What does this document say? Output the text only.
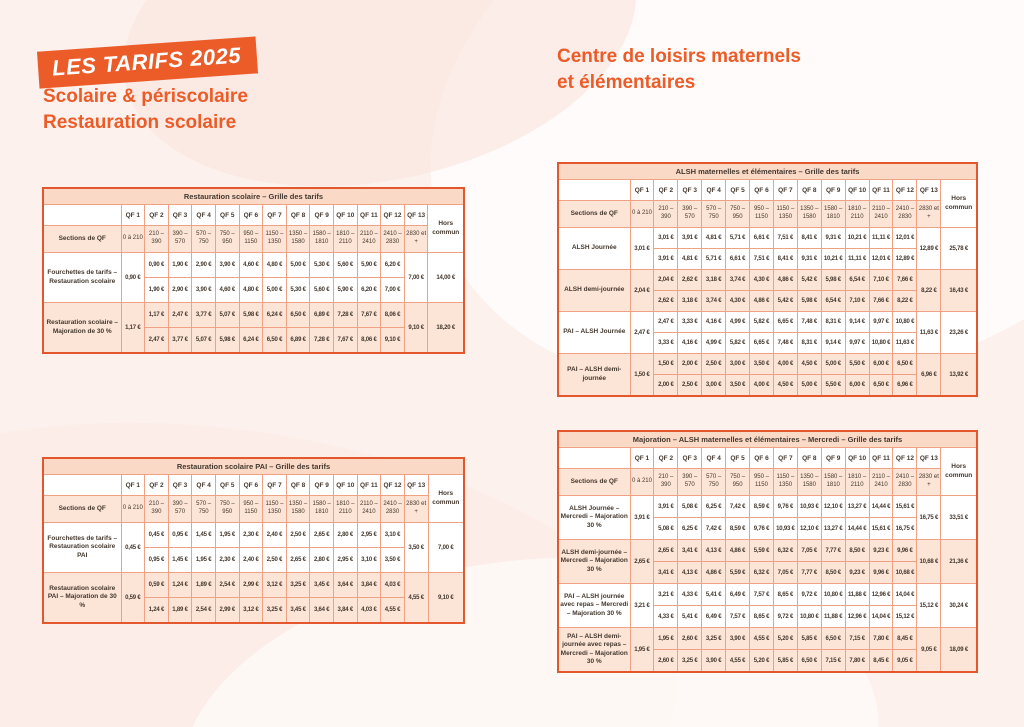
LES TARIFS 2025
Scolaire & périscolaire
Restauration scolaire
Centre de loisirs maternels
et élémentaires
Restauration scolaire – Grille des tarifs														
	QF 1	QF 2	QF 3	QF 4	QF 5	QF 6	QF 7	QF 8	QF 9	QF 10	QF 11	QF 12	QF 13	Hors commun
Sections de QF	0 à 210	210 – 390	390 – 570	570 – 750	750 – 950	950 – 1150	1150 – 1350	1350 – 1580	1580 – 1810	1810 – 2110	2110 – 2410	2410 – 2830	2830 et +	
Fourchettes de tarifs – Restauration scolaire	0,90 €	0,90 €	1,90 €	2,90 €	3,90 €	4,60 €	4,80 €	5,00 €	5,30 €	5,60 €	5,90 €	6,20 €	7,00 €	14,00 €
		1,90 €	2,90 €	3,90 €	4,60 €	4,80 €	5,00 €	5,30 €	5,60 €	5,90 €	6,20 €	7,00 €		
Restauration scolaire – Majoration de 30 %	1,17 €	1,17 €	2,47 €	3,77 €	5,07 €	5,98 €	6,24 €	6,50 €	6,89 €	7,28 €	7,67 €	8,06 €	9,10 €	18,20 €
		2,47 €	3,77 €	5,07 €	5,98 €	6,24 €	6,50 €	6,89 €	7,28 €	7,67 €	8,06 €	9,10 €		
Restauration scolaire PAI – Grille des tarifs														
	QF 1	QF 2	QF 3	QF 4	QF 5	QF 6	QF 7	QF 8	QF 9	QF 10	QF 11	QF 12	QF 13	Hors commun
Sections de QF	0 à 210	210 – 390	390 – 570	570 – 750	750 – 950	950 – 1150	1150 – 1350	1350 – 1580	1580 – 1810	1810 – 2110	2110 – 2410	2410 – 2830	2830 et +	
Fourchettes de tarifs – Restauration scolaire PAI	0,45 €	0,45 €	0,95 €	1,45 €	1,95 €	2,30 €	2,40 €	2,50 €	2,65 €	2,80 €	2,95 €	3,10 €	3,50 €	7,00 €
		0,95 €	1,45 €	1,95 €	2,30 €	2,40 €	2,50 €	2,65 €	2,80 €	2,95 €	3,10 €	3,50 €		
Restauration scolaire PAI – Majoration de 30 %	0,59 €	0,59 €	1,24 €	1,89 €	2,54 €	2,99 €	3,12 €	3,25 €	3,45 €	3,64 €	3,84 €	4,03 €	4,55 €	9,10 €
		1,24 €	1,89 €	2,54 €	2,99 €	3,12 €	3,25 €	3,45 €	3,64 €	3,84 €	4,03 €	4,55 €		
ALSH maternelles et élémentaires – Grille des tarifs														
	QF 1	QF 2	QF 3	QF 4	QF 5	QF 6	QF 7	QF 8	QF 9	QF 10	QF 11	QF 12	QF 13	Hors commun
Sections de QF	0 à 210	210 – 390	390 – 570	570 – 750	750 – 950	950 – 1150	1150 – 1350	1350 – 1580	1580 – 1810	1810 – 2110	2110 – 2410	2410 – 2830	2830 et +	
ALSH Journée	3,01 €	3,01 €	3,91 €	4,81 €	5,71 €	6,61 €	7,51 €	8,41 €	9,31 €	10,21 €	11,11 €	12,01 €	12,89 €	25,78 €
		3,91 €	4,81 €	5,71 €	6,61 €	7,51 €	8,41 €	9,31 €	10,21 €	11,11 €	12,01 €	12,89 €		
ALSH demi-journée	2,04 €	2,04 €	2,62 €	3,18 €	3,74 €	4,30 €	4,86 €	5,42 €	5,98 €	6,54 €	7,10 €	7,66 €	8,22 €	16,43 €
		2,62 €	3,18 €	3,74 €	4,30 €	4,86 €	5,42 €	5,98 €	6,54 €	7,10 €	7,66 €	8,22 €		
PAI – ALSH Journée	2,47 €	2,47 €	3,33 €	4,16 €	4,99 €	5,82 €	6,65 €	7,48 €	8,31 €	9,14 €	9,97 €	10,80 €	11,63 €	23,26 €
		3,33 €	4,16 €	4,99 €	5,82 €	6,65 €	7,48 €	8,31 €	9,14 €	9,97 €	10,80 €	11,63 €		
PAI – ALSH demi-journée	1,50 €	1,50 €	2,00 €	2,50 €	3,00 €	3,50 €	4,00 €	4,50 €	5,00 €	5,50 €	6,00 €	6,50 €	6,96 €	13,92 €
		2,00 €	2,50 €	3,00 €	3,50 €	4,00 €	4,50 €	5,00 €	5,50 €	6,00 €	6,50 €	6,96 €		
Majoration – ALSH maternelles et élémentaires – Mercredi – Grille des tarifs														
	QF 1	QF 2	QF 3	QF 4	QF 5	QF 6	QF 7	QF 8	QF 9	QF 10	QF 11	QF 12	QF 13	Hors commun
Sections de QF	0 à 210	210 – 390	390 – 570	570 – 750	750 – 950	950 – 1150	1150 – 1350	1350 – 1580	1580 – 1810	1810 – 2110	2110 – 2410	2410 – 2830	2830 et +	
ALSH Journée – Mercredi – Majoration 30 %	3,91 €	3,91 €	5,08 €	6,25 €	7,42 €	8,59 €	9,76 €	10,93 €	12,10 €	13,27 €	14,44 €	15,61 €	16,75 €	33,51 €
		5,08 €	6,25 €	7,42 €	8,59 €	9,76 €	10,93 €	12,10 €	13,27 €	14,44 €	15,61 €	16,75 €		
ALSH demi-journée – Mercredi – Majoration 30 %	2,65 €	2,65 €	3,41 €	4,13 €	4,86 €	5,59 €	6,32 €	7,05 €	7,77 €	8,50 €	9,23 €	9,96 €	10,68 €	21,36 €
		3,41 €	4,13 €	4,86 €	5,59 €	6,32 €	7,05 €	7,77 €	8,50 €	9,23 €	9,96 €	10,68 €		
PAI – ALSH journée avec repas – Mercredi – Majoration 30 %	3,21 €	3,21 €	4,33 €	5,41 €	6,49 €	7,57 €	8,65 €	9,72 €	10,80 €	11,88 €	12,96 €	14,04 €	15,12 €	30,24 €
		4,33 €	5,41 €	6,49 €	7,57 €	8,65 €	9,72 €	10,80 €	11,88 €	12,96 €	14,04 €	15,12 €		
PAI – ALSH demi-journée avec repas – Mercredi – Majoration 30 %	1,95 €	1,95 €	2,60 €	3,25 €	3,90 €	4,55 €	5,20 €	5,85 €	6,50 €	7,15 €	7,80 €	8,45 €	9,05 €	18,09 €
		2,60 €	3,25 €	3,90 €	4,55 €	5,20 €	5,85 €	6,50 €	7,15 €	7,80 €	8,45 €	9,05 €		
